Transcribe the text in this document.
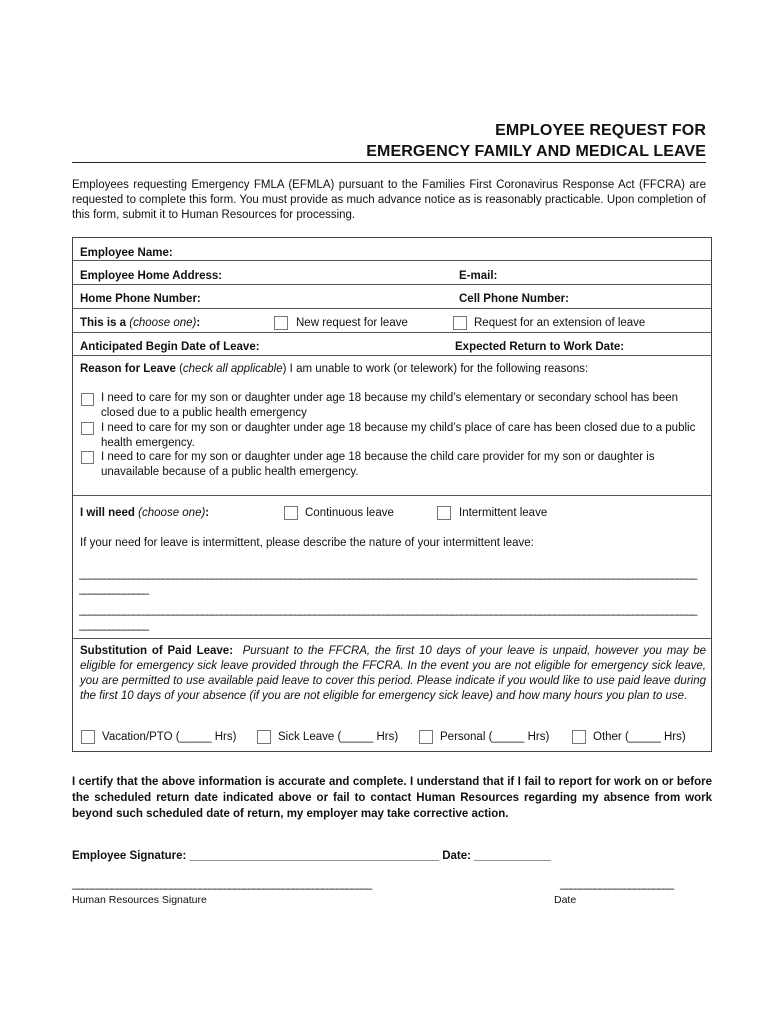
EMPLOYEE REQUEST FOR
EMERGENCY FAMILY AND MEDICAL LEAVE
Employees requesting Emergency FMLA (EFMLA) pursuant to the Families First Coronavirus Response Act (FFCRA) are requested to complete this form. You must provide as much advance notice as is reasonably practicable. Upon completion of this form, submit it to Human Resources for processing.
Employee Name:
Employee Home Address:	E-mail:
Home Phone Number:	Cell Phone Number:
This is a (choose one):	New request for leave	Request for an extension of leave
Anticipated Begin Date of Leave:	Expected Return to Work Date:
Reason for Leave (check all applicable) I am unable to work (or telework) for the following reasons:
I need to care for my son or daughter under age 18 because my child’s elementary or secondary school has been closed due to a public health emergency
I need to care for my son or daughter under age 18 because my child’s place of care has been closed due to a public health emergency.
I need to care for my son or daughter under age 18 because the child care provider for my son or daughter is unavailable because of a public health emergency.
I will need (choose one):	Continuous leave	Intermittent leave
If your need for leave is intermittent, please describe the nature of your intermittent leave:
______________________________________________________________________________________________________________________________
______________
______________________________________________________________________________________________________________________________
______________
Substitution of Paid Leave: Pursuant to the FFCRA, the first 10 days of your leave is unpaid, however you may be eligible for emergency sick leave provided through the FFCRA. In the event you are not eligible for emergency sick leave, you are permitted to use available paid leave to cover this period. Please indicate if you would like to use paid leave during the first 10 days of your absence (if you are not eligible for emergency sick leave) and how many hours you plan to use.
Vacation/PTO (_____ Hrs)	Sick Leave (_____ Hrs)	Personal (_____ Hrs)	Other (_____ Hrs)
I certify that the above information is accurate and complete. I understand that if I fail to report for work on or before the scheduled return date indicated above or fail to contact Human Resources regarding my absence from work beyond such scheduled date of return, my employer may take corrective action.
Employee Signature: _______________________________________ Date: ____________
_____________________________________________________________
Human Resources Signature
_______________________
Date
